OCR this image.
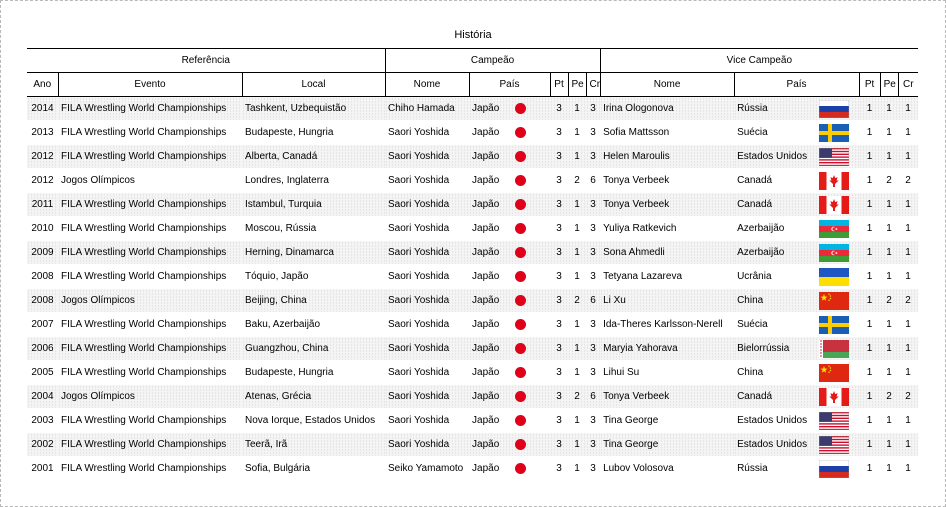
História
Referência			Campeão					Vice Campeão				
Ano	Evento	Local	Nome	País	Pt	Pe	Cr	Nome	País	Pt	Pe	Cr
2014	FILA Wrestling World Championships	Tashkent, Uzbequistão	Chiho Hamada	Japão	3	1	3	Irina Ologonova	Rússia	1	1	1
2013	FILA Wrestling World Championships	Budapeste, Hungria	Saori Yoshida	Japão	3	1	3	Sofia Mattsson	Suécia	1	1	1
2012	FILA Wrestling World Championships	Alberta, Canadá	Saori Yoshida	Japão	3	1	3	Helen Maroulis	Estados Unidos	1	1	1
2012	Jogos Olímpicos	Londres, Inglaterra	Saori Yoshida	Japão	3	2	6	Tonya Verbeek	Canadá	1	2	2
2011	FILA Wrestling World Championships	Istambul, Turquia	Saori Yoshida	Japão	3	1	3	Tonya Verbeek	Canadá	1	1	1
2010	FILA Wrestling World Championships	Moscou, Rússia	Saori Yoshida	Japão	3	1	3	Yuliya Ratkevich	Azerbaijão	1	1	1
2009	FILA Wrestling World Championships	Herning, Dinamarca	Saori Yoshida	Japão	3	1	3	Sona Ahmedli	Azerbaijão	1	1	1
2008	FILA Wrestling World Championships	Tóquio, Japão	Saori Yoshida	Japão	3	1	3	Tetyana Lazareva	Ucrânia	1	1	1
2008	Jogos Olímpicos	Beijing, China	Saori Yoshida	Japão	3	2	6	Li Xu	China	1	2	2
2007	FILA Wrestling World Championships	Baku, Azerbaijão	Saori Yoshida	Japão	3	1	3	Ida-Theres Karlsson-Nerell	Suécia	1	1	1
2006	FILA Wrestling World Championships	Guangzhou, China	Saori Yoshida	Japão	3	1	3	Maryia Yahorava	Bielorrússia	1	1	1
2005	FILA Wrestling World Championships	Budapeste, Hungria	Saori Yoshida	Japão	3	1	3	Lihui Su	China	1	1	1
2004	Jogos Olímpicos	Atenas, Grécia	Saori Yoshida	Japão	3	2	6	Tonya Verbeek	Canadá	1	2	2
2003	FILA Wrestling World Championships	Nova Iorque, Estados Unidos	Saori Yoshida	Japão	3	1	3	Tina George	Estados Unidos	1	1	1
2002	FILA Wrestling World Championships	Teerã, Irã	Saori Yoshida	Japão	3	1	3	Tina George	Estados Unidos	1	1	1
2001	FILA Wrestling World Championships	Sofia, Bulgária	Seiko Yamamoto	Japão	3	1	3	Lubov Volosova	Rússia	1	1	1
